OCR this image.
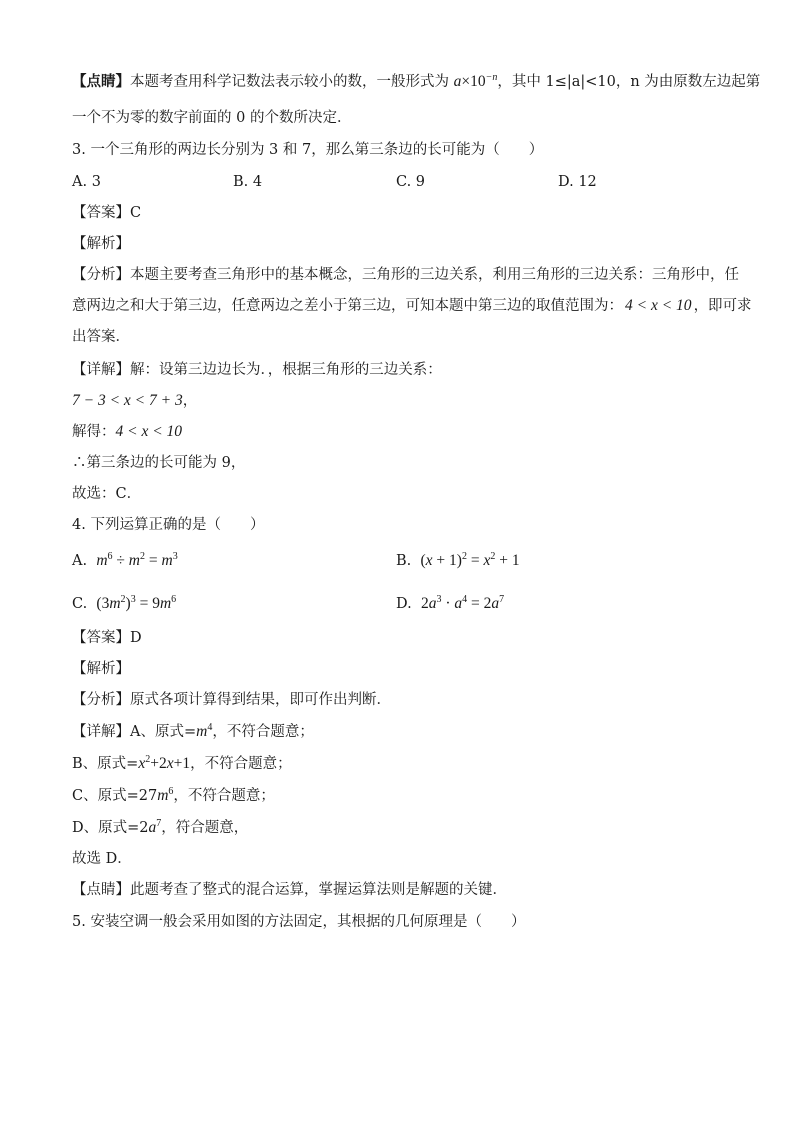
【点睛】本题考查用科学记数法表示较小的数，一般形式为 $a\times 10^{-n}$，其中 1≤|a|<10，n 为由原数左边起第
一个不为零的数字前面的 0 的个数所决定．
3. 一个三角形的两边长分别为 3 和 7，那么第三条边的长可能为（　　）
A. 3	B. 4	C. 9	D. 12
【答案】C
【解析】
【分析】本题主要考查三角形中的基本概念，三角形的三边关系，利用三角形的三边关系：三角形中，任
意两边之和大于第三边，任意两边之差小于第三边，可知本题中第三边的取值范围为： 4 < x < 10 ，即可求
出答案．
【详解】解：设第三边边长为．，根据三角形的三边关系：
7 − 3 < x < 7 + 3，
解得：4 < x < 10
∴第三条边的长可能为 9，
故选：C．
4. 下列运算正确的是（　　）
A. $m^6 \div m^2 = m^3$	B. $(x + 1)^2 = x^2 + 1$
C. $(3m^2)^3 = 9m^6$	D. $2a^3 \cdot a^4 = 2a^7$
【答案】D
【解析】
【分析】原式各项计算得到结果，即可作出判断．
【详解】A、原式$=m^4$，不符合题意；
B、原式$=x^2+2x+1$，不符合题意；
C、原式$=27m^6$，不符合题意；
D、原式$=2a^7$，符合题意，
故选 D．
【点睛】此题考查了整式的混合运算，掌握运算法则是解题的关键．
5. 安装空调一般会采用如图的方法固定，其根据的几何原理是（　　）
